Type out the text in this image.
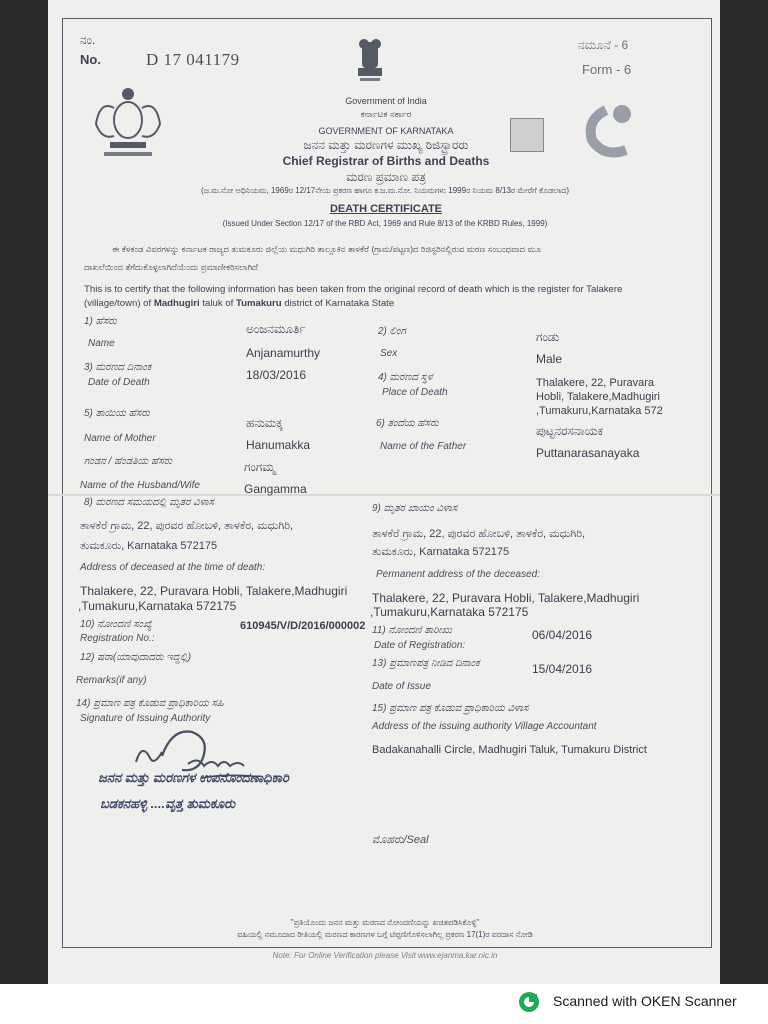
ನಂ.
No.	D 17 041179
ನಮೂನೆ - 6
Form - 6
Government of India
ಕರ್ನಾಟಕ ಸರ್ಕಾರ
GOVERNMENT OF KARNATAKA
ಜನನ ಮತ್ತು ಮರಣಗಳ ಮುಖ್ಯ ರಿಜಿಸ್ಟ್ರಾರರು
Chief Registrar of Births and Deaths
ಮರಣ ಪ್ರಮಾಣ ಪತ್ರ
(ಜ.ಮ.ನೋ ಅಧಿನಿಯಮ, 1969ರ 12/17ನೇಯ ಪ್ರಕರಣ ಹಾಗೂ ಕ.ಜ.ಮ.ನೋ. ನಿಯಮಗಳು 1999ರ ನಿಯಮ 8/13ರ ಮೇರೆಗೆ ಕೊಡಲಾದ)
DEATH CERTIFICATE
(Issued Under Section 12/17 of the RBD Act, 1969 and Rule 8/13 of the KRBD Rules, 1999)
ಈ ಕೆಳಕಂಡ ವಿವರಗಳನ್ನು ಕರ್ನಾಟಕ ರಾಜ್ಯದ ತುಮಕೂರು ಜಿಲ್ಲೆಯ ಮಧುಗಿರಿ ತಾಲ್ಲೂಕಿನ ತಾಳಕೆರೆ (ಗ್ರಾಮ/ಪಟ್ಟಣ)ದ ರಿಜಿಸ್ಟರಿನಲ್ಲಿರುವ ಮರಣ ಸಂಬಂಧವಾದ ಮೂ
ದಾಖಲೆಯಿಂದ ತೆಗೆದುಕೊಳ್ಳಲಾಗಿದೆಯೆಂದು ಪ್ರಮಾಣೀಕರಿಸಲಾಗಿದೆ
This is to certify that the following information has been taken from the original record of death which is the register for Talakere
(village/town) of Madhugiri taluk of Tumakuru district of Karnataka State
1) ಹೆಸರು
Name
ಅಂಜನಮೂರ್ತಿ
Anjanamurthy
2) ಲಿಂಗ
Sex
ಗಂಡು
Male
3) ಮರಣದ ದಿನಾಂಕ
Date of Death
18/03/2016	4) ಮರಣದ ಸ್ಥಳ
Place of Death
Thalakere, 22, Puravara
Hobli, Talakere,Madhugiri
,Tumakuru,Karnataka 572
5) ತಾಯಿಯ ಹೆಸರು
Name of Mother
ಹನುಮಕ್ಕ
Hanumakka
6) ತಂದೆಯ ಹೆಸರು
Name of the Father
ಪುಟ್ಟನರಸನಾಯಕ
Puttanarasanayaka
ಗಂಡನ / ಹೆಂಡತಿಯ ಹೆಸರು
Name of the Husband/Wife
ಗಂಗಮ್ಮ
Gangamma
8) ಮರಣದ ಸಮಯದಲ್ಲಿ ಮೃತರ ವಿಳಾಸ
ತಾಳಕೆರೆ ಗ್ರಾಮ, 22, ಪುರವರ ಹೋಬಳಿ, ತಾಳಕೆರ, ಮಧುಗಿರಿ,
ತುಮಕೂರು, Karnataka 572175
Address of deceased at the time of death:
Thalakere, 22, Puravara Hobli, Talakere,Madhugiri
,Tumakuru,Karnataka 572175
9) ಮೃತರ ಖಾಯಂ ವಿಳಾಸ
ತಾಳಕೆರೆ ಗ್ರಾಮ, 22, ಪುರವರ ಹೋಬಳಿ, ತಾಳಕೆರ, ಮಧುಗಿರಿ,
ತುಮಕೂರು, Karnataka 572175
Permanent address of the deceased:
Thalakere, 22, Puravara Hobli, Talakere,Madhugiri
,Tumakuru,Karnataka 572175
10) ನೋಂದಣಿ ಸಂಖ್ಯೆ
Registration No.:
610945/V/D/2016/000002 11) ನೋಂದಣಿ ತಾರೀಖು
Date of Registration:
06/04/2016
12) ಷರಾ(ಯಾವುದಾದರು ಇದ್ದಲ್ಲಿ)
Remarks(if any)
13) ಪ್ರಮಾಣಪತ್ರ ನೀಡಿದ ದಿನಾಂಕ
Date of Issue
15/04/2016
14) ಪ್ರಮಾಣ ಪತ್ರ ಕೊಡುವ ಪ್ರಾಧಿಕಾರಿಯ ಸಹಿ
Signature of Issuing Authority
15) ಪ್ರಮಾಣ ಪತ್ರ ಕೊಡುವ ಪ್ರಾಧಿಕಾರಿಯ ವಿಳಾಸ
Address of the issuing authority Village Accountant
Badakanahalli Circle, Madhugiri Taluk, Tumakuru District
ಜನನ ಮತ್ತು ಮರಣಗಳ ಉಪನೊಂದಣಾಧಿಕಾರಿ
ಬಡಕನಹಳ್ಳಿ ....ವೃತ್ತ ತುಮಕೂರು
ಮೊಹರು/Seal
"ಪ್ರತಿಯೊಂದು ಜನನ ಮತ್ತು ಮರಣದ ನೋಂದಣಿಯನ್ನು ಖಚಿತಪಡಿಸಿಕೊಳ್ಳಿ"
ವಹಿಯಲ್ಲಿ ನಮೂದಾದ ರೀತಿಯಲ್ಲಿ ಮರಣದ ಕಾರಣಗಳ ಬಗ್ಗೆ ಟಿಪ್ಪಣಿಗೊಳಿಸಲಾಗಿಲ್ಲ ಪ್ರಕರಣ 17(1)ರ ವರದಾಸ ನೋಡಿ
Note: For Online Verification please Visit www.ejanma.kar.nic.in
Scanned with OKEN Scanner
